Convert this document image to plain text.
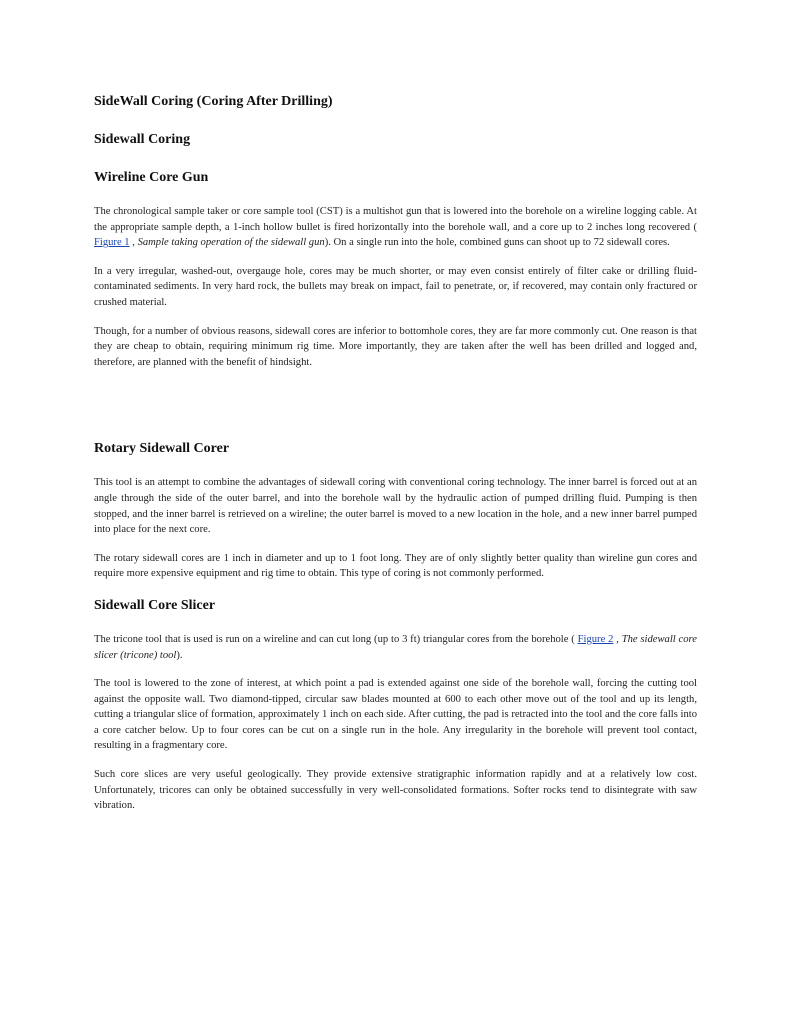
SideWall Coring (Coring After Drilling)
Sidewall Coring
Wireline Core Gun

The chronological sample taker or core sample tool (CST) is a multishot gun that is lowered into the borehole on a wireline logging cable. At the appropriate sample depth, a 1-inch hollow bullet is fired horizontally into the borehole wall, and a core up to 2 inches long recovered ( Figure 1 , Sample taking operation of the sidewall gun). On a single run into the hole, combined guns can shoot up to 72 sidewall cores.

In a very irregular, washed-out, overgauge hole, cores may be much shorter, or may even consist entirely of filter cake or drilling fluid-contaminated sediments. In very hard rock, the bullets may break on impact, fail to penetrate, or, if recovered, may contain only fractured or crushed material.

Though, for a number of obvious reasons, sidewall cores are inferior to bottomhole cores, they are far more commonly cut. One reason is that they are cheap to obtain, requiring minimum rig time. More importantly, they are taken after the well has been drilled and logged and, therefore, are planned with the benefit of hindsight.

Rotary Sidewall Corer

This tool is an attempt to combine the advantages of sidewall coring with conventional coring technology. The inner barrel is forced out at an angle through the side of the outer barrel, and into the borehole wall by the hydraulic action of pumped drilling fluid. Pumping is then stopped, and the inner barrel is retrieved on a wireline; the outer barrel is moved to a new location in the hole, and a new inner barrel pumped into place for the next core.

The rotary sidewall cores are 1 inch in diameter and up to 1 foot long. They are of only slightly better quality than wireline gun cores and require more expensive equipment and rig time to obtain. This type of coring is not commonly performed.

Sidewall Core Slicer

The tricone tool that is used is run on a wireline and can cut long (up to 3 ft) triangular cores from the borehole ( Figure 2 , The sidewall core slicer (tricone) tool).

The tool is lowered to the zone of interest, at which point a pad is extended against one side of the borehole wall, forcing the cutting tool against the opposite wall. Two diamond-tipped, circular saw blades mounted at 600 to each other move out of the tool and up its length, cutting a triangular slice of formation, approximately 1 inch on each side. After cutting, the pad is retracted into the tool and the core falls into a core catcher below. Up to four cores can be cut on a single run in the hole. Any irregularity in the borehole will prevent tool contact, resulting in a fragmentary core.

Such core slices are very useful geologically. They provide extensive stratigraphic information rapidly and at a relatively low cost. Unfortunately, tricores can only be obtained successfully in very well-consolidated formations. Softer rocks tend to disintegrate with saw vibration.
